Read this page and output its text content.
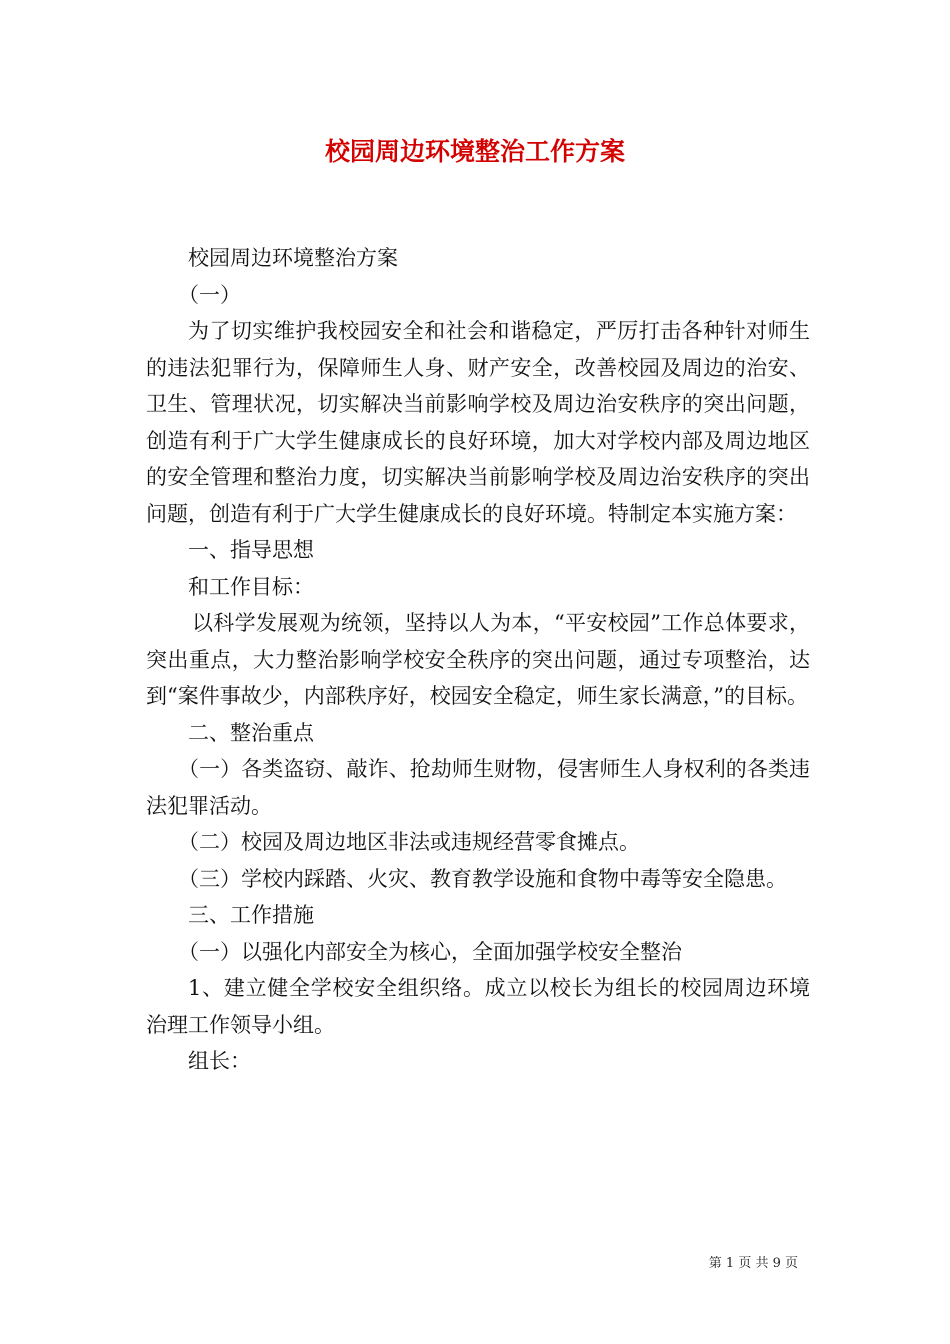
校园周边环境整治工作方案

校园周边环境整治方案

（一）

为了切实维护我校园安全和社会和谐稳定，严厉打击各种针对师生的违法犯罪行为，保障师生人身、财产安全，改善校园及周边的治安、卫生、管理状况，切实解决当前影响学校及周边治安秩序的突出问题，创造有利于广大学生健康成长的良好环境，加大对学校内部及周边地区的安全管理和整治力度，切实解决当前影响学校及周边治安秩序的突出问题，创造有利于广大学生健康成长的良好环境。特制定本实施方案：

一、指导思想

和工作目标：

以科学发展观为统领，坚持以人为本，“平安校园”工作总体要求，突出重点，大力整治影响学校安全秩序的突出问题，通过专项整治，达到“案件事故少，内部秩序好，校园安全稳定，师生家长满意，”的目标。

二、整治重点

（一）各类盗窃、敲诈、抢劫师生财物，侵害师生人身权利的各类违法犯罪活动。

（二）校园及周边地区非法或违规经营零食摊点。

（三）学校内踩踏、火灾、教育教学设施和食物中毒等安全隐患。

三、工作措施

（一）以强化内部安全为核心，全面加强学校安全整治

1、建立健全学校安全组织络。成立以校长为组长的校园周边环境治理工作领导小组。

组长：

第 1 页 共 9 页
